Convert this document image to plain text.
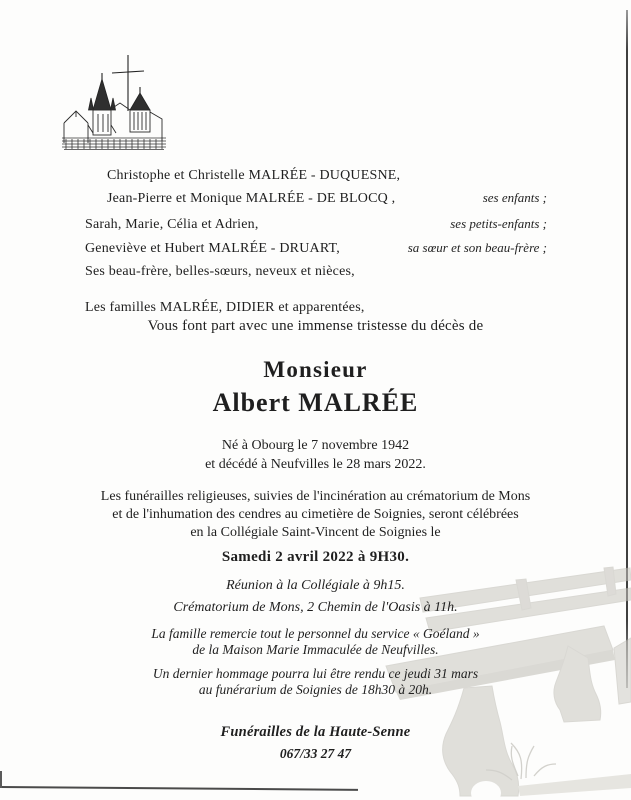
Christophe et Christelle MALRÉE - DUQUESNE,
Jean-Pierre et Monique MALRÉE - DE BLOCQ ,	ses enfants ;
Sarah, Marie, Célia et Adrien,	ses petits-enfants ;
Geneviève et Hubert MALRÉE - DRUART,	sa sœur et son beau-frère ;
Ses beau-frère, belles-sœurs, neveux et nièces,
Les familles MALRÉE, DIDIER et apparentées,
Vous font part avec une immense tristesse du décès de
Monsieur
Albert MALRÉE
Né à Obourg le 7 novembre 1942
et décédé à Neufvilles le 28 mars 2022.
Les funérailles religieuses, suivies de l'incinération au crématorium de Mons
et de l'inhumation des cendres au cimetière de Soignies, seront célébrées
en la Collégiale Saint-Vincent de Soignies le
Samedi 2 avril 2022 à 9H30.
Réunion à la Collégiale à 9h15.
Crématorium de Mons, 2 Chemin de l'Oasis à 11h.
La famille remercie tout le personnel du service « Goéland »
de la Maison Marie Immaculée de Neufvilles.
Un dernier hommage pourra lui être rendu ce jeudi 31 mars
au funérarium de Soignies de 18h30 à 20h.
Funérailles de la Haute-Senne
067/33 27 47
